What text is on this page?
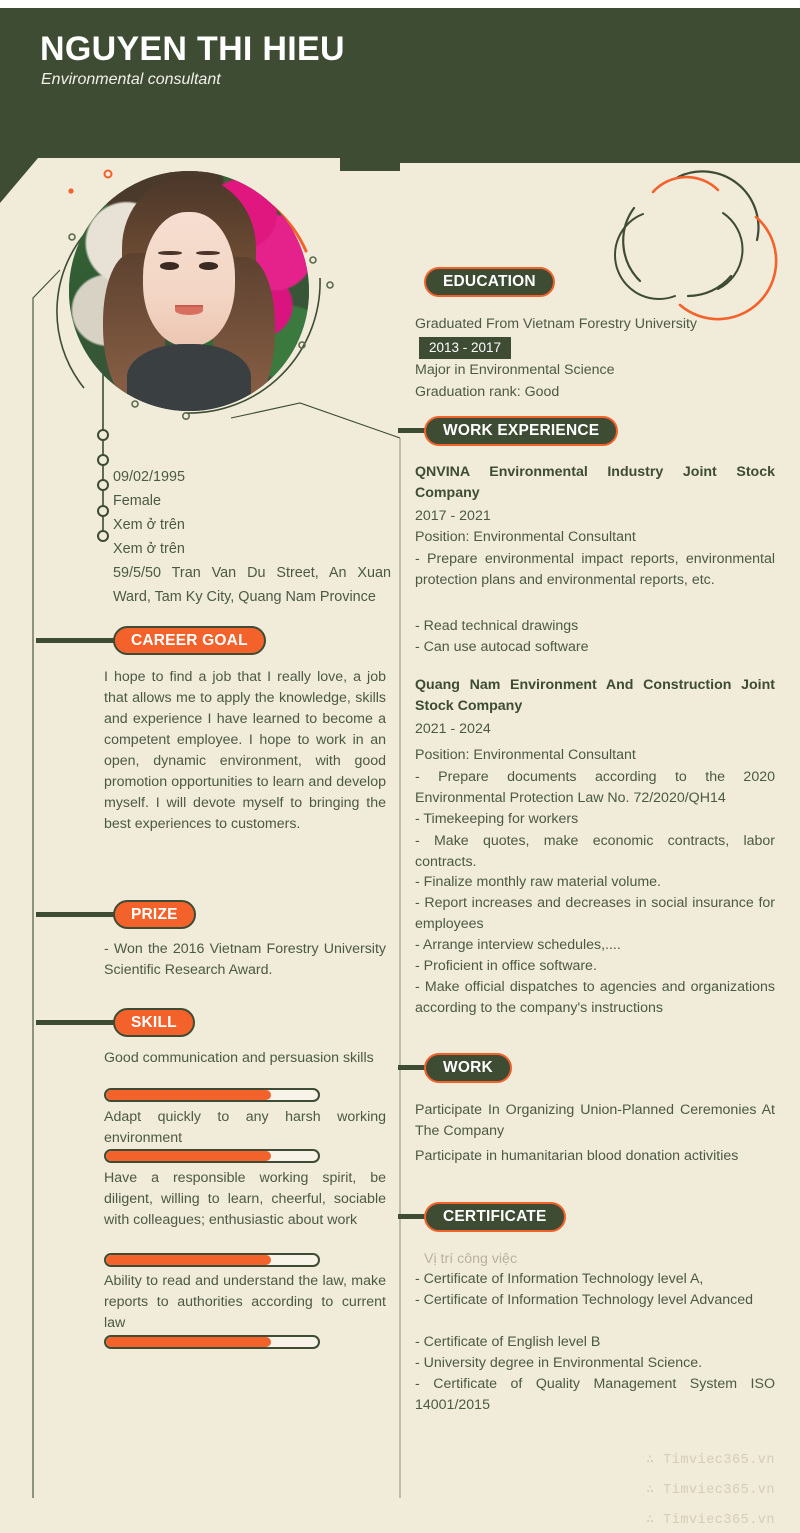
NGUYEN THI HIEU
Environmental consultant
09/02/1995
Female
Xem ở trên
Xem ở trên
59/5/50 Tran Van Du Street, An Xuan Ward, Tam Ky City, Quang Nam Province
CAREER GOAL
I hope to find a job that I really love, a job that allows me to apply the knowledge, skills and experience I have learned to become a competent employee. I hope to work in an open, dynamic environment, with good promotion opportunities to learn and develop myself. I will devote myself to bringing the best experiences to customers.
PRIZE
- Won the 2016 Vietnam Forestry University Scientific Research Award.
SKILL
Good communication and persuasion skills
Adapt quickly to any harsh working environment
Have a responsible working spirit, be diligent, willing to learn, cheerful, sociable with colleagues; enthusiastic about work
Ability to read and understand the law, make reports to authorities according to current law
EDUCATION
Graduated From Vietnam Forestry University
2013 - 2017
Major in Environmental Science
Graduation rank: Good
WORK EXPERIENCE
QNVINA Environmental Industry Joint Stock Company
2017 - 2021
Position: Environmental Consultant
- Prepare environmental impact reports, environmental protection plans and environmental reports, etc.
- Read technical drawings
- Can use autocad software
Quang Nam Environment And Construction Joint Stock Company
2021 - 2024
Position: Environmental Consultant
- Prepare documents according to the 2020 Environmental Protection Law No. 72/2020/QH14
- Timekeeping for workers
- Make quotes, make economic contracts, labor contracts.
- Finalize monthly raw material volume.
- Report increases and decreases in social insurance for employees
- Arrange interview schedules,....
- Proficient in office software.
- Make official dispatches to agencies and organizations according to the company's instructions
WORK
Participate In Organizing Union-Planned Ceremonies At The Company
Participate in humanitarian blood donation activities
CERTIFICATE
Vị trí công việc
- Certificate of Information Technology level A,
- Certificate of Information Technology level Advanced
- Certificate of English level B
- University degree in Environmental Science.
- Certificate of Quality Management System ISO 14001/2015
∴ Timviec365.vn
∴ Timviec365.vn
∴ Timviec365.vn
